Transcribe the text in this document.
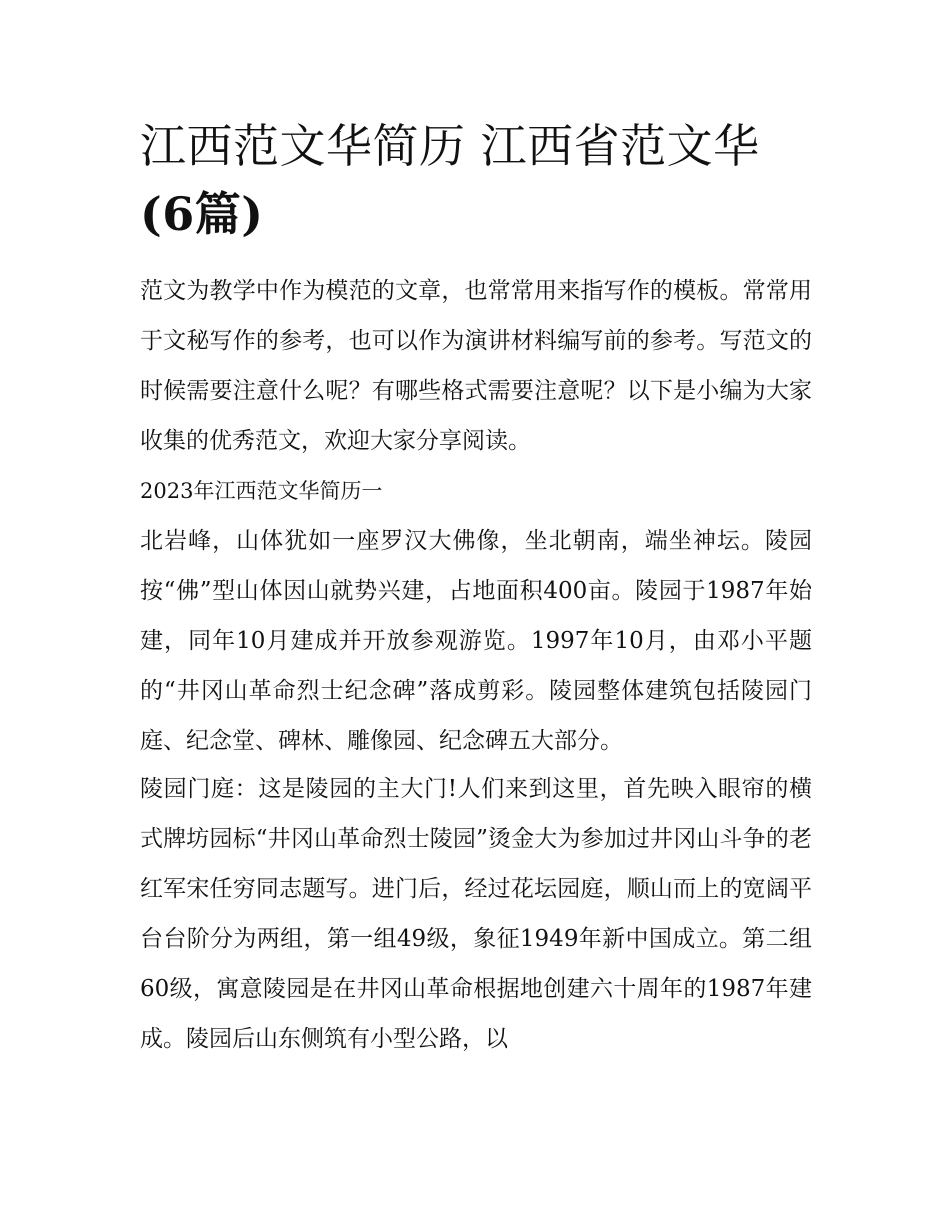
江西范文华简历 江西省范文华
(6篇)

范文为教学中作为模范的文章，也常常用来指写作的模板。常常用于文秘写作的参考，也可以作为演讲材料编写前的参考。写范文的时候需要注意什么呢？有哪些格式需要注意呢？以下是小编为大家收集的优秀范文，欢迎大家分享阅读。

2023年江西范文华简历一

北岩峰，山体犹如一座罗汉大佛像，坐北朝南，端坐神坛。陵园按“佛”型山体因山就势兴建，占地面积400亩。陵园于1987年始建，同年10月建成并开放参观游览。1997年10月，由邓小平题的“井冈山革命烈士纪念碑”落成剪彩。陵园整体建筑包括陵园门庭、纪念堂、碑林、雕像园、纪念碑五大部分。

陵园门庭：这是陵园的主大门!人们来到这里，首先映入眼帘的横式牌坊园标“井冈山革命烈士陵园”烫金大为参加过井冈山斗争的老红军宋任穷同志题写。进门后，经过花坛园庭，顺山而上的宽阔平台台阶分为两组，第一组49级，象征1949年新中国成立。第二组60级，寓意陵园是在井冈山革命根据地创建六十周年的1987年建成。陵园后山东侧筑有小型公路，以
